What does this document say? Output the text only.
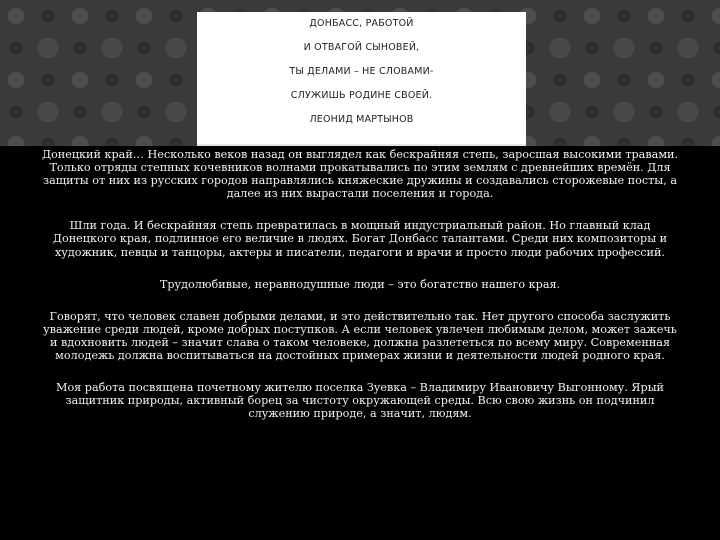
ДОНБАСС, РАБОТОЙ
И ОТВАГОЙ СЫНОВЕЙ,
ТЫ ДЕЛАМИ – НЕ СЛОВАМИ-
СЛУЖИШЬ РОДИНЕ СВОЕЙ.
ЛЕОНИД МАРТЫНОВ

Донецкий край… Несколько веков назад он выглядел как бескрайняя степь, заросшая высокими травами. Только отряды степных кочевников волнами прокатывались по этим землям с древнейших времён. Для защиты от них из русских городов направлялись княжеские дружины и создавались сторожевые посты, а далее из них вырастали поселения и города.

Шли года. И бескрайняя степь превратилась в мощный индустриальный район. Но главный клад Донецкого края, подлинное его величие в людях. Богат Донбасс талантами. Среди них композиторы и художник, певцы и танцоры, актеры и писатели, педагоги и врачи и просто люди рабочих профессий.

Трудолюбивые, неравнодушные люди – это богатство нашего края.

Говорят, что человек славен добрыми делами, и это действительно так. Нет другого способа заслужить уважение среди людей, кроме добрых поступков. А если человек увлечен любимым делом, может зажечь и вдохновить людей – значит слава о таком человеке, должна разлететься по всему миру. Современная молодежь должна воспитываться на достойных примерах жизни и деятельности людей родного края.

Моя работа посвящена почетному жителю поселка Зуевка – Владимиру Ивановичу Выгонному. Ярый защитник природы, активный борец за чистоту окружающей среды. Всю свою жизнь он подчинил служению природе, а значит, людям.
